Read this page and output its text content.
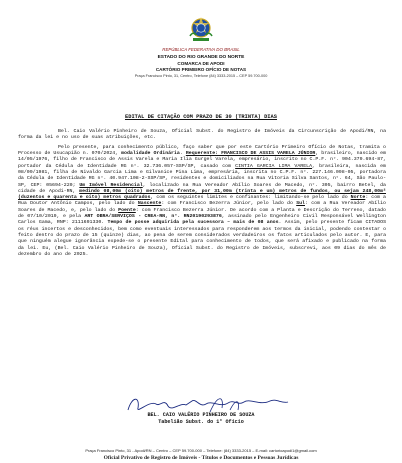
REPÚBLICA FEDERATIVA DO BRASIL
ESTADO DO RIO GRANDE DO NORTE
COMARCA DE APODI
CARTÓRIO PRIMEIRO OFÍCIO DE NOTAS
Praça Francisco Pinto, 31, Centro, Telefone (84) 3333-2015 – CEP 59.700-000
EDITAL DE CITAÇÃO COM PRAZO DE 30 (TRINTA) DIAS

Bel. Caio Valério Pinheiro de Souza, Oficial Subst. do Registro de Imóveis da Circunscrição de Apodi/RN, na forma da lei e no uso de suas atribuições, etc.

Pelo presente, para conhecimento público, faço saber que por este Cartório Primeiro Ofício de Notas, tramita o Processo de Usucapião n. 070/2024, modalidade Ordinária. Requerente: FRANCISCO DE ASSIS VARELA JÚNIOR, brasileiro, nascido em 14/05/1976, filho de Francisco de Assis Varela e Maria Ilia Gurgel Varela, empresário, inscrito no C.P.F. n°. 904.379.694-87, portador da Cédula de Identidade RG n°. 32.736.057-SSP/SP, casado com CINTIA GARCIA LIMA VARELA, brasileira, nascida em 08/09/1981, filha de Nivaldo Garcia Lima e Gilvanice Pina Lima, empresária, inscrita no C.P.F. n°. 227.146.098-05, portadora da Cédula de Identidade RG n°. 40.947.108-2-SSP/SP, residentes e domiciliados na Rua Vitoria Silva Santos, n°. 64, São Paulo-SP, CEP: 05694-220; Um Imóvel Residencial, localizado na Rua Vereador Abílio Soares de Macedo, n°. 305, bairro Betel, da cidade de Apodi-RN, medindo 08,00m (oito) metros de frente, por 31,00m (trinta e um) metros de fundos, ou sejam 248,00m² (duzentos e quarenta e oito) metros quadrados, com os seguintes limites e confinantes: limitando-se pelo lado do Norte: com a Rua Doutor Antônio Campos, pelo lado do Nascente: com Francisco Bezerra Júnior, pelo lado do Sul: com a Rua Vereador Abílio Soares de Macedo, e, pelo lado do Poente: com Francisco Bezerra Júnior. De acordo com a Planta e Descrição do Terreno, datado de 07/10/2019, e pela ART OBRA/SERVIÇOS - CREA-RN, n°. RN20190293876, assinado pelo Engenheiro Civil Responsável Wellington Carlos Gama, RNP: 2111691330. Tempo de posse adquirida pela sucessora – mais de 08 anos. Assim, pelo presente ficam CITADOS os réus incertos e desconhecidos, bem como eventuais interessados para responderem aos termos da inicial, podendo contestar o feito dentro do prazo de 15 (quinze) dias, ao pena de serem considerados verdadeiros os fatos articulados pelo autor. E, para que ninguém alegue ignorância expede-se o presente Edital para conhecimento de todos, que será afixado e publicado na forma da lei. Eu, (Bel. Caio Valério Pinheiro de Souza), Oficial Subst. do Registro de Imóveis, subscrevi, aos 09 dias do mês de dezembro do ano de 2025.

BEL. CAIO VALÉRIO PINHEIRO DE SOUZA
Tabelião Subst. do 1° Ofício
Praça Francisco Pinto, 31 - Apodi/RN – Centro – CEP 59.700-000 – Telefone: (84) 3333-2015 – E-mail: cartorioapodi1@gmail.com
Oficial Privativo de Registro de Imóveis - Títulos e Documentos e Pessoas Jurídicas
